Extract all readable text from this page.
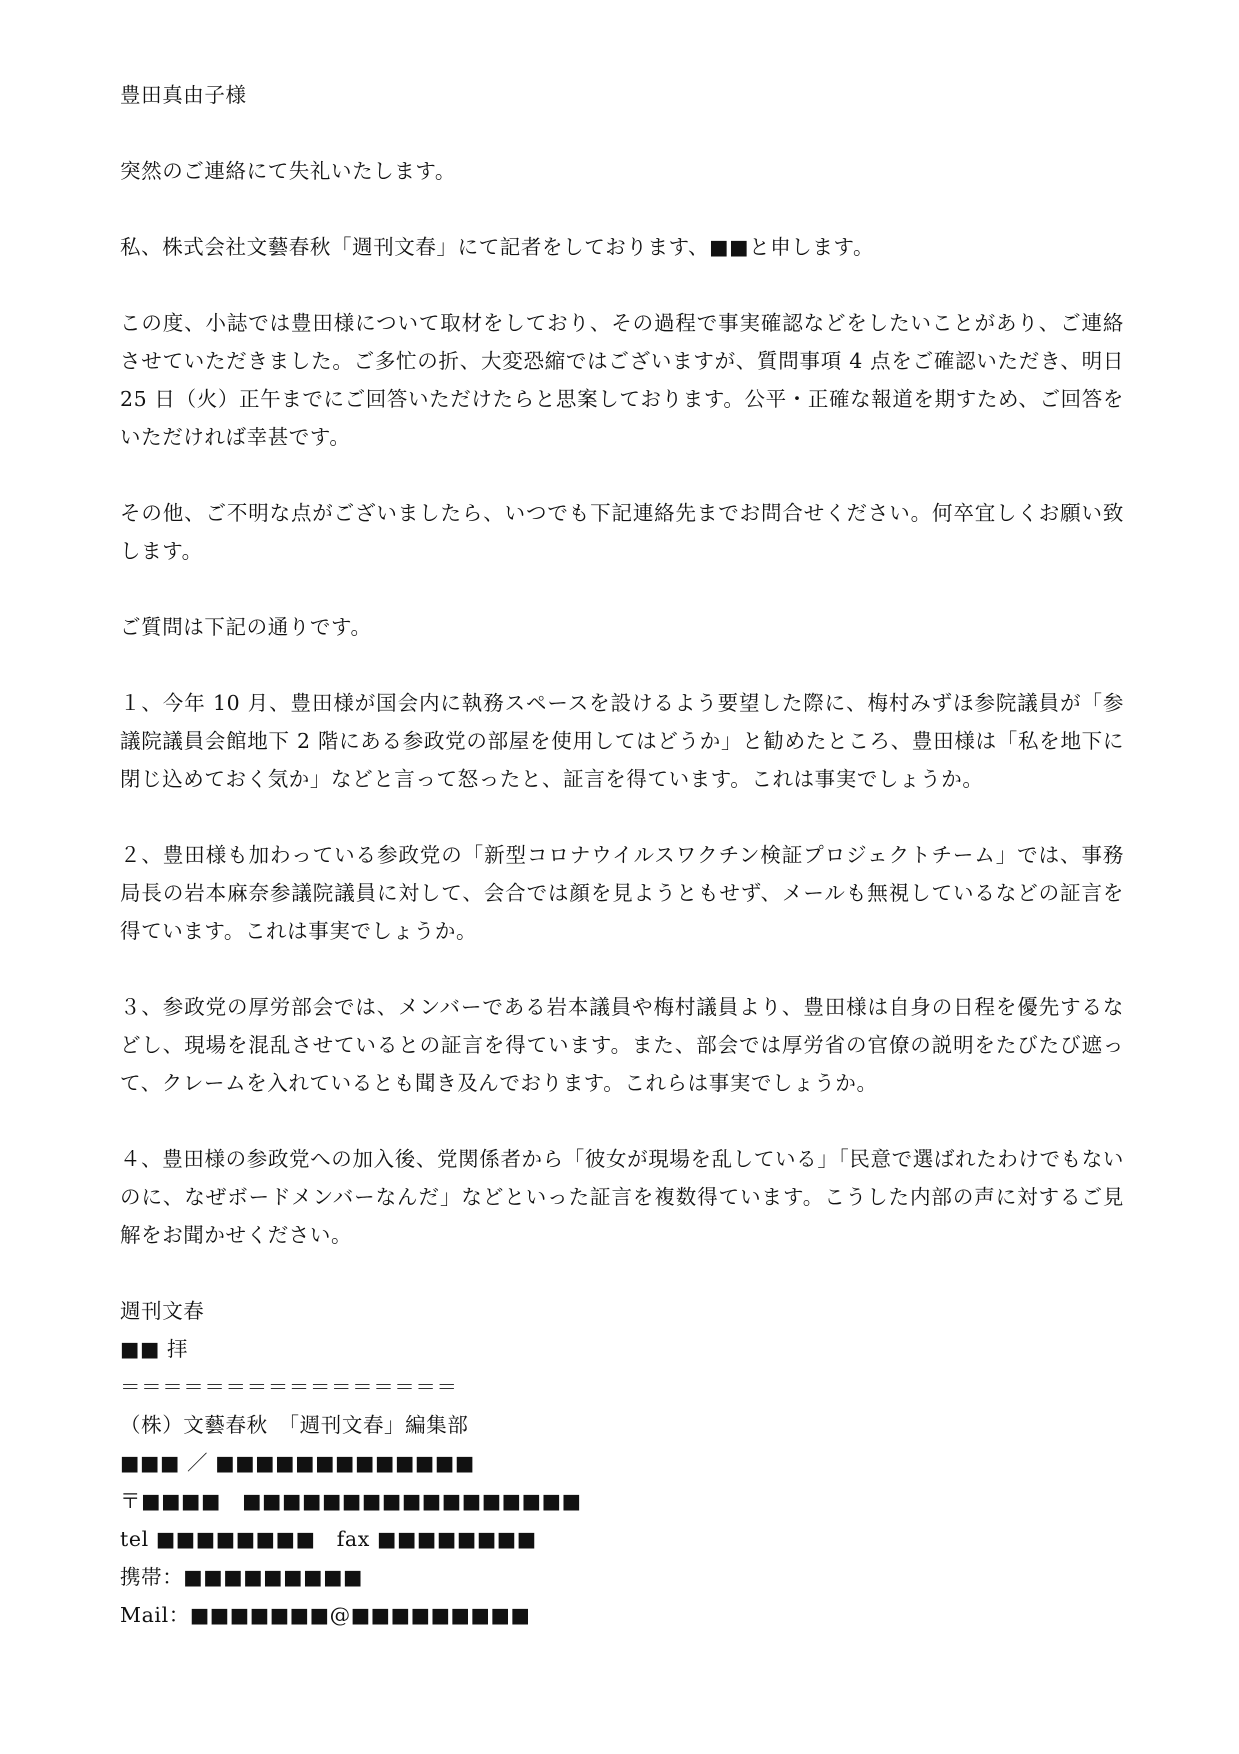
豊田真由子様

突然のご連絡にて失礼いたします。

私、株式会社文藝春秋「週刊文春」にて記者をしております、■■と申します。

この度、小誌では豊田様について取材をしており、その過程で事実確認などをしたいことがあり、ご連絡させていただきました。ご多忙の折、大変恐縮ではございますが、質問事項 4 点をご確認いただき、明日 25 日（火）正午までにご回答いただけたらと思案しております。公平・正確な報道を期すため、ご回答をいただければ幸甚です。

その他、ご不明な点がございましたら、いつでも下記連絡先までお問合せください。何卒宜しくお願い致します。

ご質問は下記の通りです。

１、今年 10 月、豊田様が国会内に執務スペースを設けるよう要望した際に、梅村みずほ参院議員が「参議院議員会館地下 2 階にある参政党の部屋を使用してはどうか」と勧めたところ、豊田様は「私を地下に閉じ込めておく気か」などと言って怒ったと、証言を得ています。これは事実でしょうか。

２、豊田様も加わっている参政党の「新型コロナウイルスワクチン検証プロジェクトチーム」では、事務局長の岩本麻奈参議院議員に対して、会合では顔を見ようともせず、メールも無視しているなどの証言を得ています。これは事実でしょうか。

３、参政党の厚労部会では、メンバーである岩本議員や梅村議員より、豊田様は自身の日程を優先するなどし、現場を混乱させているとの証言を得ています。また、部会では厚労省の官僚の説明をたびたび遮って、クレームを入れているとも聞き及んでおります。これらは事実でしょうか。

４、豊田様の参政党への加入後、党関係者から「彼女が現場を乱している」「民意で選ばれたわけでもないのに、なぜボードメンバーなんだ」などといった証言を複数得ています。こうした内部の声に対するご見解をお聞かせください。

週刊文春

■■ 拝

＝＝＝＝＝＝＝＝＝＝＝＝＝＝＝＝

（株）文藝春秋　「週刊文春」編集部

■■■ ／ ■■■■■■■■■■■■■

〒■■■■　■■■■■■■■■■■■■■■■■

tel ■■■■■■■■　fax ■■■■■■■■

携帯：■■■■■■■■■

Mail：■■■■■■■@■■■■■■■■■
